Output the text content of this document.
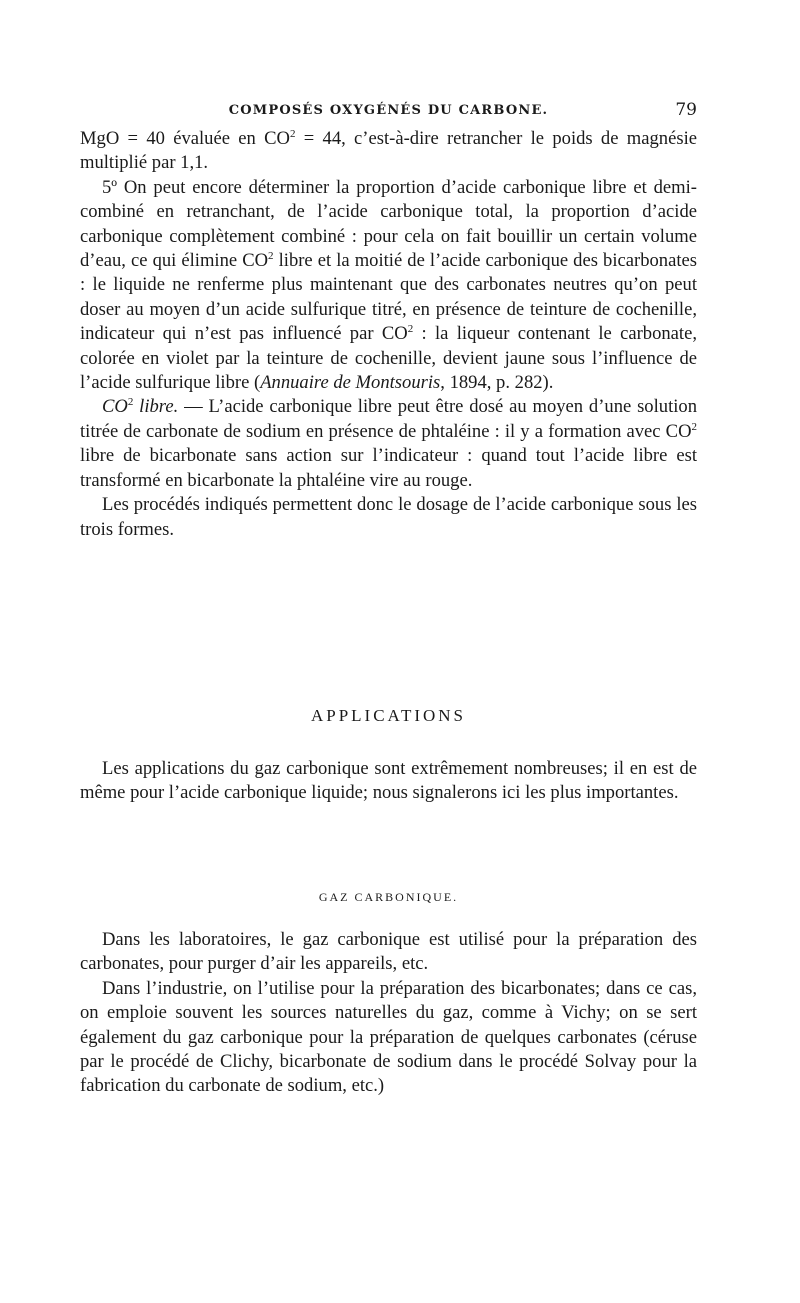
COMPOSÉS OXYGÉNÉS DU CARBONE.	79

MgO = 40 évaluée en $CO^2 = 44$, c’est-à-dire retrancher le poids de magnésie multiplié par 1,1.

5º On peut encore déterminer la proportion d’acide carbonique libre et demi-combiné en retranchant, de l’acide carbonique total, la proportion d’acide carbonique complètement combiné : pour cela on fait bouillir un certain volume d’eau, ce qui élimine $CO^2$ libre et la moitié de l’acide carbonique des bicarbonates : le liquide ne renferme plus maintenant que des carbonates neutres qu’on peut doser au moyen d’un acide sulfurique titré, en présence de teinture de cochenille, indicateur qui n’est pas influencé par $CO^2$ : la liqueur contenant le carbonate, colorée en violet par la teinture de cochenille, devient jaune sous l’influence de l’acide sulfurique libre (Annuaire de Montsouris, 1894, p. 282).

$CO^2$ libre. — L’acide carbonique libre peut être dosé au moyen d’une solution titrée de carbonate de sodium en présence de phtaléine : il y a formation avec $CO^2$ libre de bicarbonate sans action sur l’indicateur : quand tout l’acide libre est transformé en bicarbonate la phtaléine vire au rouge.

Les procédés indiqués permettent donc le dosage de l’acide carbonique sous les trois formes.

APPLICATIONS

Les applications du gaz carbonique sont extrêmement nombreuses; il en est de même pour l’acide carbonique liquide; nous signalerons ici les plus importantes.

GAZ CARBONIQUE.

Dans les laboratoires, le gaz carbonique est utilisé pour la préparation des carbonates, pour purger d’air les appareils, etc.

Dans l’industrie, on l’utilise pour la préparation des bicarbonates; dans ce cas, on emploie souvent les sources naturelles du gaz, comme à Vichy; on se sert également du gaz carbonique pour la préparation de quelques carbonates (céruse par le procédé de Clichy, bicarbonate de sodium dans le procédé Solvay pour la fabrication du carbonate de sodium, etc.)
